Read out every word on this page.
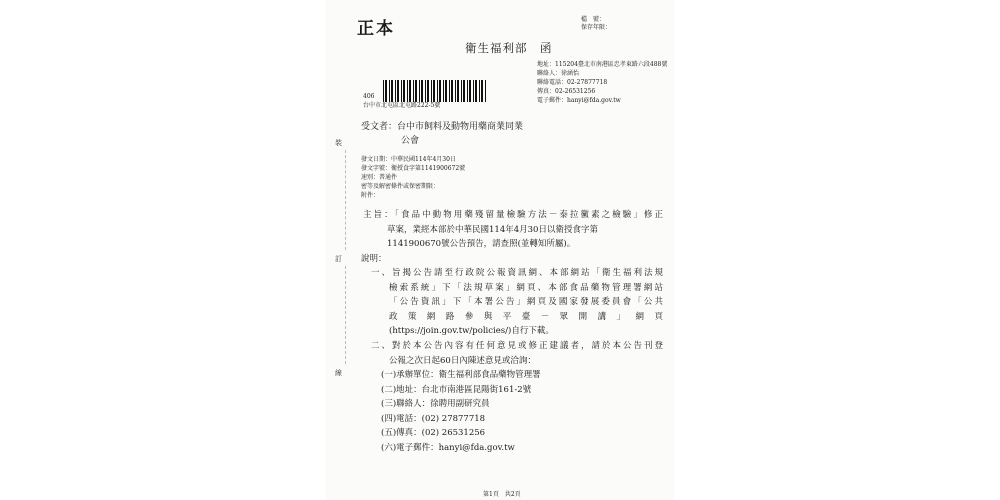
正本	檔　號：
保存年限：
衛生福利部　函
地址：115204臺北市南港區忠孝東路六段488號
聯絡人：徐涵怡
聯絡電話：02-27877718
傳真：02-26531256
電子郵件：hanyi@fda.gov.tw
406
台中市北屯區北屯路222-5號
受文者：台中市飼料及動物用藥商業同業
公會
發文日期：中華民國114年4月30日
發文字號：衛授食字第1141900672號
速別：普通件
密等及解密條件或保密期限：
附件：
主旨：「食品中動物用藥殘留量檢驗方法－泰拉黴素之檢驗」修正
草案，業經本部於中華民國114年4月30日以衛授食字第
1141900670號公告預告，請查照(並轉知所屬)。
說明：
一、旨揭公告請至行政院公報資訊網、本部網站「衛生福利法規
檢索系統」下「法規草案」網頁、本部食品藥物管理署網站
「公告資訊」下「本署公告」網頁及國家發展委員會「公共
政策網路參與平臺－眾開講」網頁
(https://join.gov.tw/policies/)自行下載。
二、對於本公告內容有任何意見或修正建議者，請於本公告刊登
公報之次日起60日內陳述意見或洽詢：
(一)承辦單位：衛生福利部食品藥物管理署
(二)地址：台北市南港區昆陽街161-2號
(三)聯絡人：徐聘用副研究員
(四)電話：(02) 27877718
(五)傳真：(02) 26531256
(六)電子郵件：hanyi@fda.gov.tw
裝
訂
線
第1頁　共2頁
